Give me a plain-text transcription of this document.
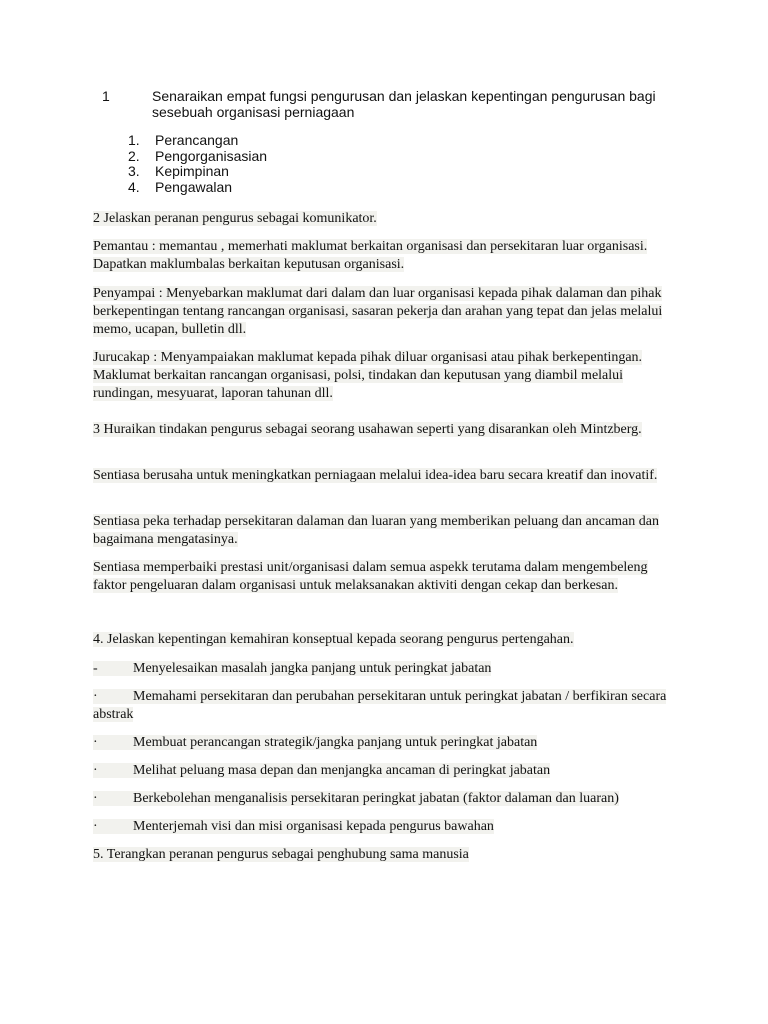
1	Senaraikan empat fungsi pengurusan dan jelaskan kepentingan pengurusan bagi sesebuah organisasi perniagaan
1. Perancangan
2. Pengorganisasian
3. Kepimpinan
4. Pengawalan

2 Jelaskan peranan pengurus sebagai komunikator.

Pemantau : memantau , memerhati maklumat berkaitan organisasi dan persekitaran luar organisasi. Dapatkan maklumbalas berkaitan keputusan organisasi.

Penyampai : Menyebarkan maklumat dari dalam dan luar organisasi kepada pihak dalaman dan pihak berkepentingan tentang rancangan organisasi, sasaran pekerja dan arahan yang tepat dan jelas melalui memo, ucapan, bulletin dll.

Jurucakap : Menyampaiakan maklumat kepada pihak diluar organisasi atau pihak berkepentingan. Maklumat berkaitan rancangan organisasi, polsi, tindakan dan keputusan yang diambil melalui rundingan, mesyuarat, laporan tahunan dll.

3 Huraikan tindakan pengurus sebagai seorang usahawan seperti yang disarankan oleh Mintzberg.

Sentiasa berusaha untuk meningkatkan perniagaan melalui idea-idea baru secara kreatif dan inovatif.

Sentiasa peka terhadap persekitaran dalaman dan luaran yang memberikan peluang dan ancaman dan bagaimana mengatasinya.

Sentiasa memperbaiki prestasi unit/organisasi dalam semua aspekk terutama dalam mengembeleng faktor pengeluaran dalam organisasi untuk melaksanakan aktiviti dengan cekap dan berkesan.

4. Jelaskan kepentingan kemahiran konseptual kepada seorang pengurus pertengahan.

-	Menyelesaikan masalah jangka panjang untuk peringkat jabatan
·	Memahami persekitaran dan perubahan persekitaran untuk peringkat jabatan / berfikiran secara abstrak
·	Membuat perancangan strategik/jangka panjang untuk peringkat jabatan
·	Melihat peluang masa depan dan menjangka ancaman di peringkat jabatan
·	Berkebolehan menganalisis persekitaran peringkat jabatan (faktor dalaman dan luaran)
·	Menterjemah visi dan misi organisasi kepada pengurus bawahan

5. Terangkan peranan pengurus sebagai penghubung sama manusia
